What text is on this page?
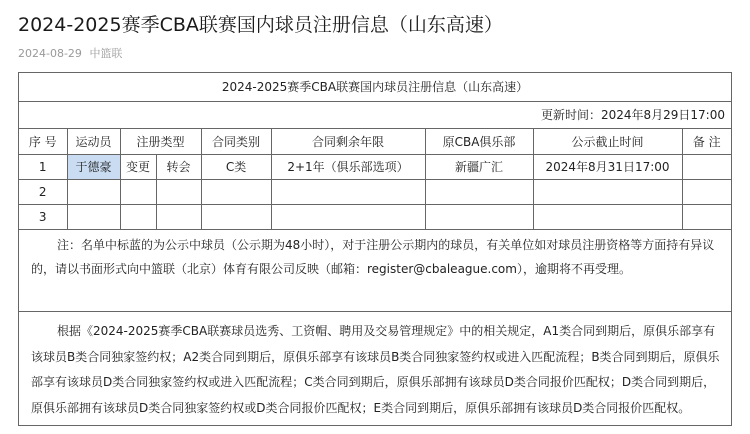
2024-2025赛季CBA联赛国内球员注册信息（山东高速）
2024-08-29 中篮联
2024-2025赛季CBA联赛国内球员注册信息（山东高速）
更新时间：2024年8月29日17:00
序 号	运动员	注册类型		合同类别	合同剩余年限	原CBA俱乐部	公示截止时间	备 注
1	于德豪	变更	转会	C类	2+1年（俱乐部选项）	新疆广汇	2024年8月31日17:00	
2								
3								
注：名单中标蓝的为公示中球员（公示期为48小时），对于注册公示期内的球员，有关单位如对球员注册资格等方面持有异议的，请以书面形式向中篮联（北京）体育有限公司反映（邮箱：register@cbaleague.com），逾期将不再受理。
根据《2024-2025赛季CBA联赛球员选秀、工资帽、聘用及交易管理规定》中的相关规定，A1类合同到期后，原俱乐部享有该球员B类合同独家签约权；A2类合同到期后，原俱乐部享有该球员B类合同独家签约权或进入匹配流程；B类合同到期后，原俱乐部享有该球员D类合同独家签约权或进入匹配流程；C类合同到期后，原俱乐部拥有该球员D类合同报价匹配权；D类合同到期后，原俱乐部拥有该球员D类合同独家签约权或D类合同报价匹配权；E类合同到期后，原俱乐部拥有该球员D类合同报价匹配权。
